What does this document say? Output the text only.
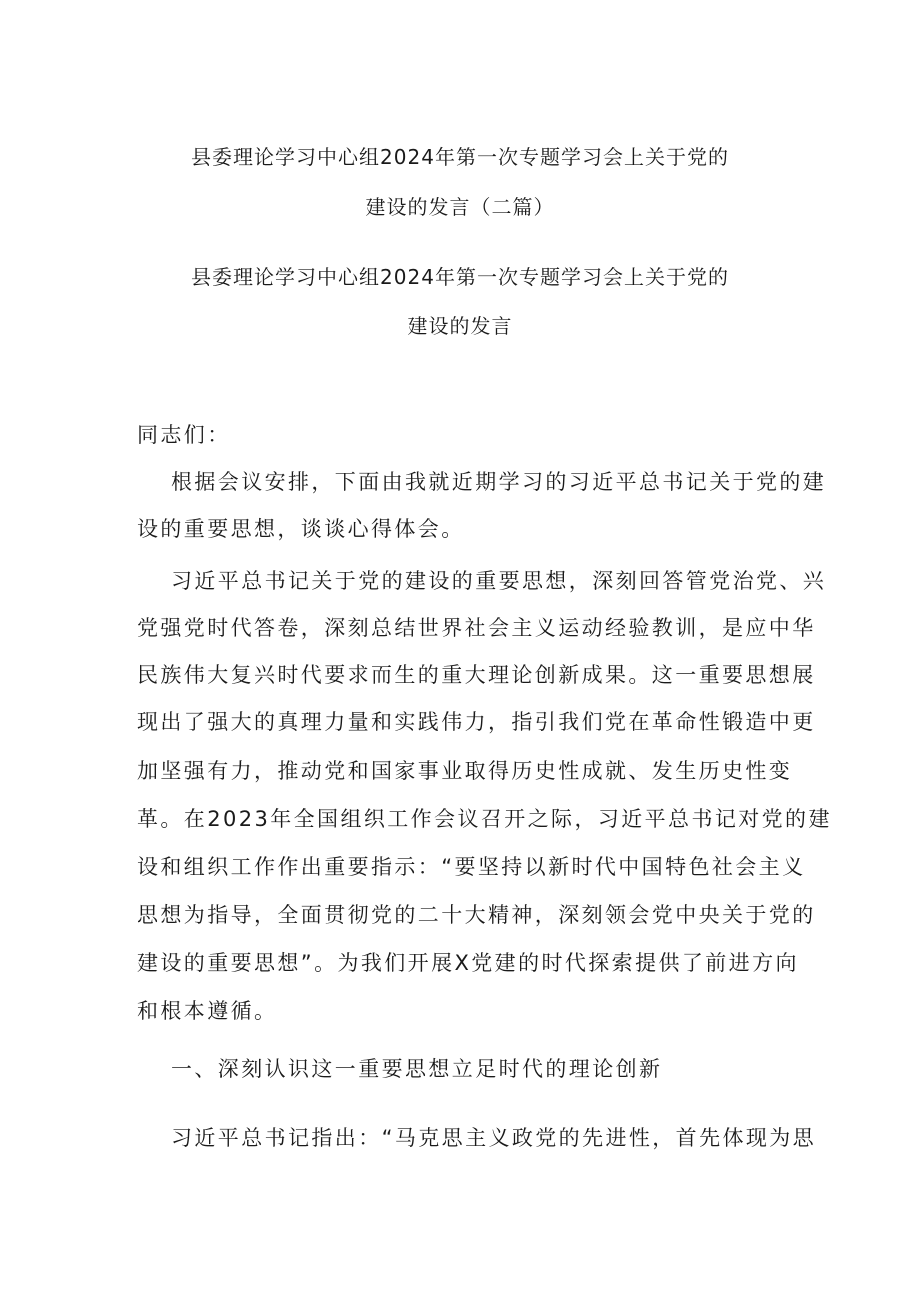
县委理论学习中心组2024年第一次专题学习会上关于党的
建设的发言（二篇）
县委理论学习中心组2024年第一次专题学习会上关于党的
建设的发言
同志们：
根据会议安排，下面由我就近期学习的习近平总书记关于党的建
设的重要思想，谈谈心得体会。
习近平总书记关于党的建设的重要思想，深刻回答管党治党、兴
党强党时代答卷，深刻总结世界社会主义运动经验教训，是应中华
民族伟大复兴时代要求而生的重大理论创新成果。这一重要思想展
现出了强大的真理力量和实践伟力，指引我们党在革命性锻造中更
加坚强有力，推动党和国家事业取得历史性成就、发生历史性变
革。在2023年全国组织工作会议召开之际，习近平总书记对党的建
设和组织工作作出重要指示：“要坚持以新时代中国特色社会主义
思想为指导，全面贯彻党的二十大精神，深刻领会党中央关于党的
建设的重要思想”。为我们开展X党建的时代探索提供了前进方向
和根本遵循。
一、深刻认识这一重要思想立足时代的理论创新
习近平总书记指出：“马克思主义政党的先进性，首先体现为思
